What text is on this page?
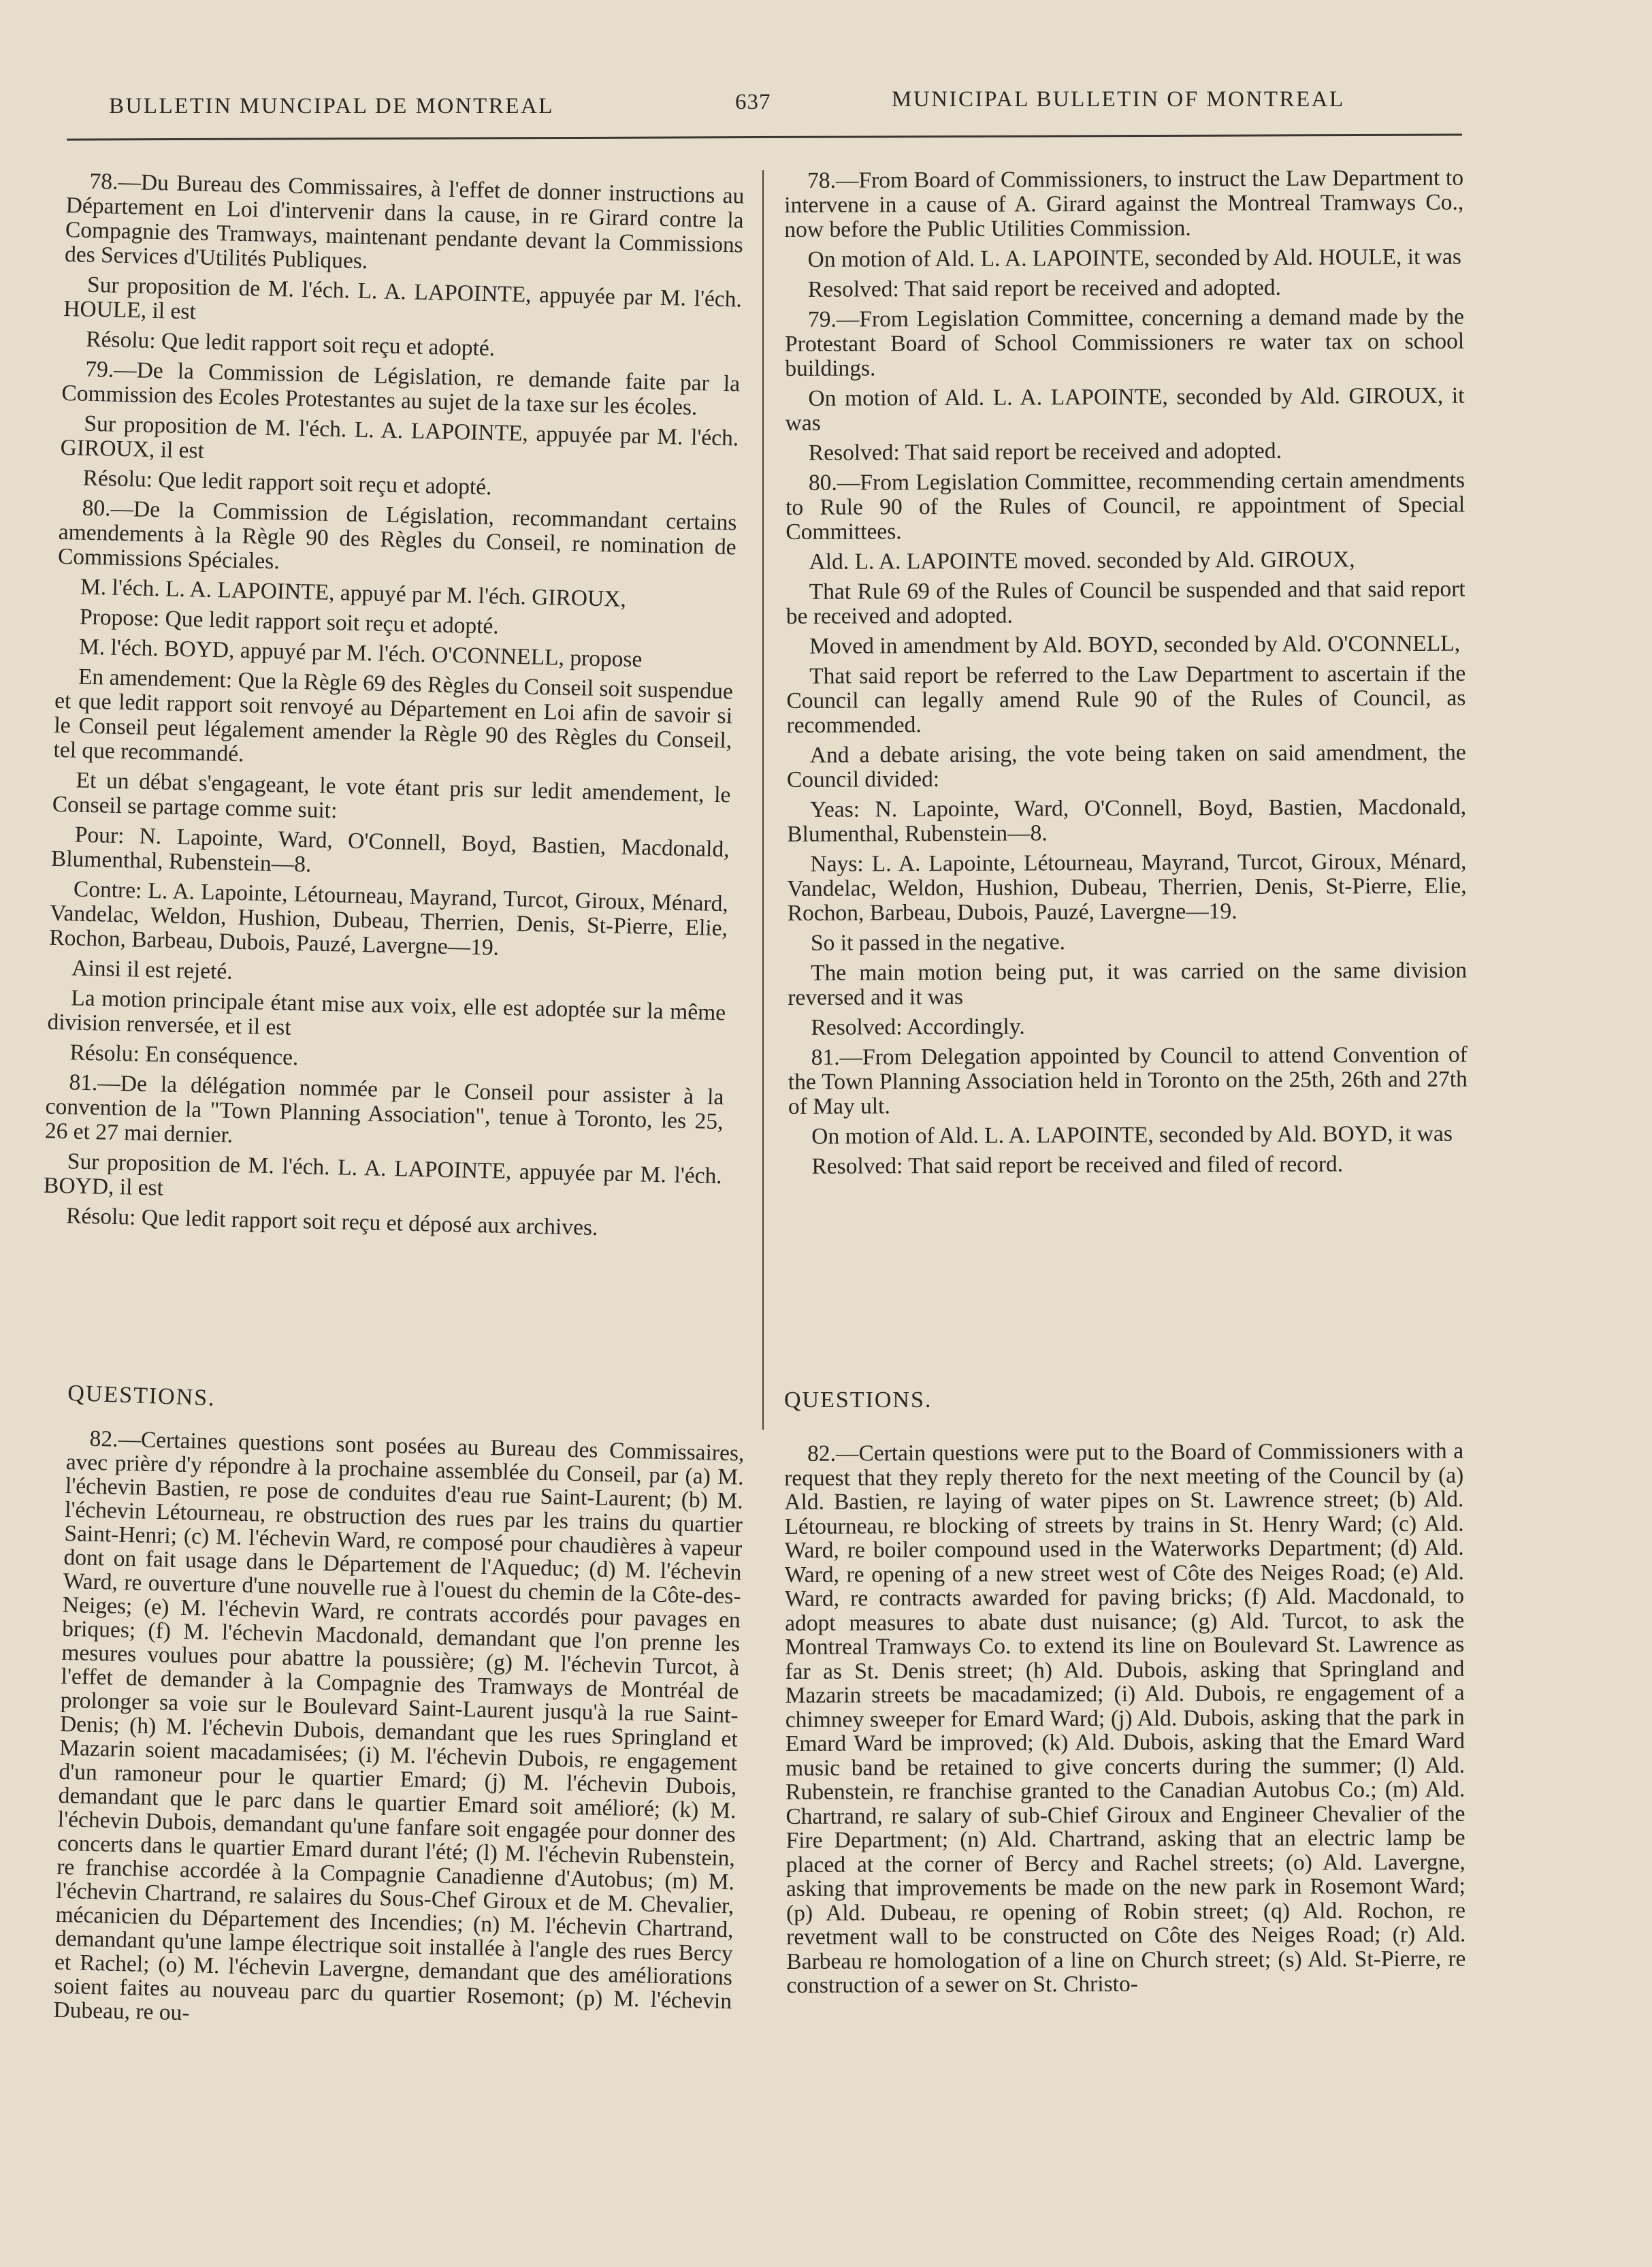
BULLETIN MUNCIPAL DE MONTREAL	637	MUNICIPAL BULLETIN OF MONTREAL

78.—Du Bureau des Commissaires, à l'effet de donner instructions au Département en Loi d'intervenir dans la cause, in re Girard contre la Compagnie des Tramways, maintenant pendante devant la Commissions des Services d'Utilités Publiques.

Sur proposition de M. l'éch. L. A. LAPOINTE, appuyée par M. l'éch. HOULE, il est

Résolu: Que ledit rapport soit reçu et adopté.

79.—De la Commission de Législation, re demande faite par la Commission des Ecoles Protestantes au sujet de la taxe sur les écoles.

Sur proposition de M. l'éch. L. A. LAPOINTE, appuyée par M. l'éch. GIROUX, il est

Résolu: Que ledit rapport soit reçu et adopté.

80.—De la Commission de Législation, recommandant certains amendements à la Règle 90 des Règles du Conseil, re nomination de Commissions Spéciales.

M. l'éch. L. A. LAPOINTE, appuyé par M. l'éch. GIROUX,

Propose: Que ledit rapport soit reçu et adopté.

M. l'éch. BOYD, appuyé par M. l'éch. O'CONNELL, propose

En amendement: Que la Règle 69 des Règles du Conseil soit suspendue et que ledit rapport soit renvoyé au Département en Loi afin de savoir si le Conseil peut légalement amender la Règle 90 des Règles du Conseil, tel que recommandé.

Et un débat s'engageant, le vote étant pris sur ledit amendement, le Conseil se partage comme suit:

Pour: N. Lapointe, Ward, O'Connell, Boyd, Bastien, Macdonald, Blumenthal, Rubenstein—8.

Contre: L. A. Lapointe, Létourneau, Mayrand, Turcot, Giroux, Ménard, Vandelac, Weldon, Hushion, Dubeau, Therrien, Denis, St-Pierre, Elie, Rochon, Barbeau, Dubois, Pauzé, Lavergne—19.

Ainsi il est rejeté.

La motion principale étant mise aux voix, elle est adoptée sur la même division renversée, et il est

Résolu: En conséquence.

81.—De la délégation nommée par le Conseil pour assister à la convention de la "Town Planning Association", tenue à Toronto, les 25, 26 et 27 mai dernier.

Sur proposition de M. l'éch. L. A. LAPOINTE, appuyée par M. l'éch. BOYD, il est

Résolu: Que ledit rapport soit reçu et déposé aux archives.

QUESTIONS.

82.—Certaines questions sont posées au Bureau des Commissaires, avec prière d'y répondre à la prochaine assemblée du Conseil, par (a) M. l'échevin Bastien, re pose de conduites d'eau rue Saint-Laurent; (b) M. l'échevin Létourneau, re obstruction des rues par les trains du quartier Saint-Henri; (c) M. l'échevin Ward, re composé pour chaudières à vapeur dont on fait usage dans le Département de l'Aqueduc; (d) M. l'échevin Ward, re ouverture d'une nouvelle rue à l'ouest du chemin de la Côte-des-Neiges; (e) M. l'échevin Ward, re contrats accordés pour pavages en briques; (f) M. l'échevin Macdonald, demandant que l'on prenne les mesures voulues pour abattre la poussière; (g) M. l'échevin Turcot, à l'effet de demander à la Compagnie des Tramways de Montréal de prolonger sa voie sur le Boulevard Saint-Laurent jusqu'à la rue Saint-Denis; (h) M. l'échevin Dubois, demandant que les rues Springland et Mazarin soient macadamisées; (i) M. l'échevin Dubois, re engagement d'un ramoneur pour le quartier Emard; (j) M. l'échevin Dubois, demandant que le parc dans le quartier Emard soit amélioré; (k) M. l'échevin Dubois, demandant qu'une fanfare soit engagée pour donner des concerts dans le quartier Emard durant l'été; (l) M. l'échevin Rubenstein, re franchise accordée à la Compagnie Canadienne d'Autobus; (m) M. l'échevin Chartrand, re salaires du Sous-Chef Giroux et de M. Chevalier, mécanicien du Département des Incendies; (n) M. l'échevin Chartrand, demandant qu'une lampe électrique soit installée à l'angle des rues Bercy et Rachel; (o) M. l'échevin Lavergne, demandant que des améliorations soient faites au nouveau parc du quartier Rosemont; (p) M. l'échevin Dubeau, re ou-

78.—From Board of Commissioners, to instruct the Law Department to intervene in a cause of A. Girard against the Montreal Tramways Co., now before the Public Utilities Commission.

On motion of Ald. L. A. LAPOINTE, seconded by Ald. HOULE, it was

Resolved: That said report be received and adopted.

79.—From Legislation Committee, concerning a demand made by the Protestant Board of School Commissioners re water tax on school buildings.

On motion of Ald. L. A. LAPOINTE, seconded by Ald. GIROUX, it was

Resolved: That said report be received and adopted.

80.—From Legislation Committee, recommending certain amendments to Rule 90 of the Rules of Council, re appointment of Special Committees.

Ald. L. A. LAPOINTE moved. seconded by Ald. GIROUX,

That Rule 69 of the Rules of Council be suspended and that said report be received and adopted.

Moved in amendment by Ald. BOYD, seconded by Ald. O'CONNELL,

That said report be referred to the Law Department to ascertain if the Council can legally amend Rule 90 of the Rules of Council, as recommended.

And a debate arising, the vote being taken on said amendment, the Council divided:

Yeas: N. Lapointe, Ward, O'Connell, Boyd, Bastien, Macdonald, Blumenthal, Rubenstein—8.

Nays: L. A. Lapointe, Létourneau, Mayrand, Turcot, Giroux, Ménard, Vandelac, Weldon, Hushion, Dubeau, Therrien, Denis, St-Pierre, Elie, Rochon, Barbeau, Dubois, Pauzé, Lavergne—19.

So it passed in the negative.

The main motion being put, it was carried on the same division reversed and it was

Resolved: Accordingly.

81.—From Delegation appointed by Council to attend Convention of the Town Planning Association held in Toronto on the 25th, 26th and 27th of May ult.

On motion of Ald. L. A. LAPOINTE, seconded by Ald. BOYD, it was

Resolved: That said report be received and filed of record.

QUESTIONS.

82.—Certain questions were put to the Board of Commissioners with a request that they reply thereto for the next meeting of the Council by (a) Ald. Bastien, re laying of water pipes on St. Lawrence street; (b) Ald. Létourneau, re blocking of streets by trains in St. Henry Ward; (c) Ald. Ward, re boiler compound used in the Waterworks Department; (d) Ald. Ward, re opening of a new street west of Côte des Neiges Road; (e) Ald. Ward, re contracts awarded for paving bricks; (f) Ald. Macdonald, to adopt measures to abate dust nuisance; (g) Ald. Turcot, to ask the Montreal Tramways Co. to extend its line on Boulevard St. Lawrence as far as St. Denis street; (h) Ald. Dubois, asking that Springland and Mazarin streets be macadamized; (i) Ald. Dubois, re engagement of a chimney sweeper for Emard Ward; (j) Ald. Dubois, asking that the park in Emard Ward be improved; (k) Ald. Dubois, asking that the Emard Ward music band be retained to give concerts during the summer; (l) Ald. Rubenstein, re franchise granted to the Canadian Autobus Co.; (m) Ald. Chartrand, re salary of sub-Chief Giroux and Engineer Chevalier of the Fire Department; (n) Ald. Chartrand, asking that an electric lamp be placed at the corner of Bercy and Rachel streets; (o) Ald. Lavergne, asking that improvements be made on the new park in Rosemont Ward; (p) Ald. Dubeau, re opening of Robin street; (q) Ald. Rochon, re revetment wall to be constructed on Côte des Neiges Road; (r) Ald. Barbeau re homologation of a line on Church street; (s) Ald. St-Pierre, re construction of a sewer on St. Christo-
